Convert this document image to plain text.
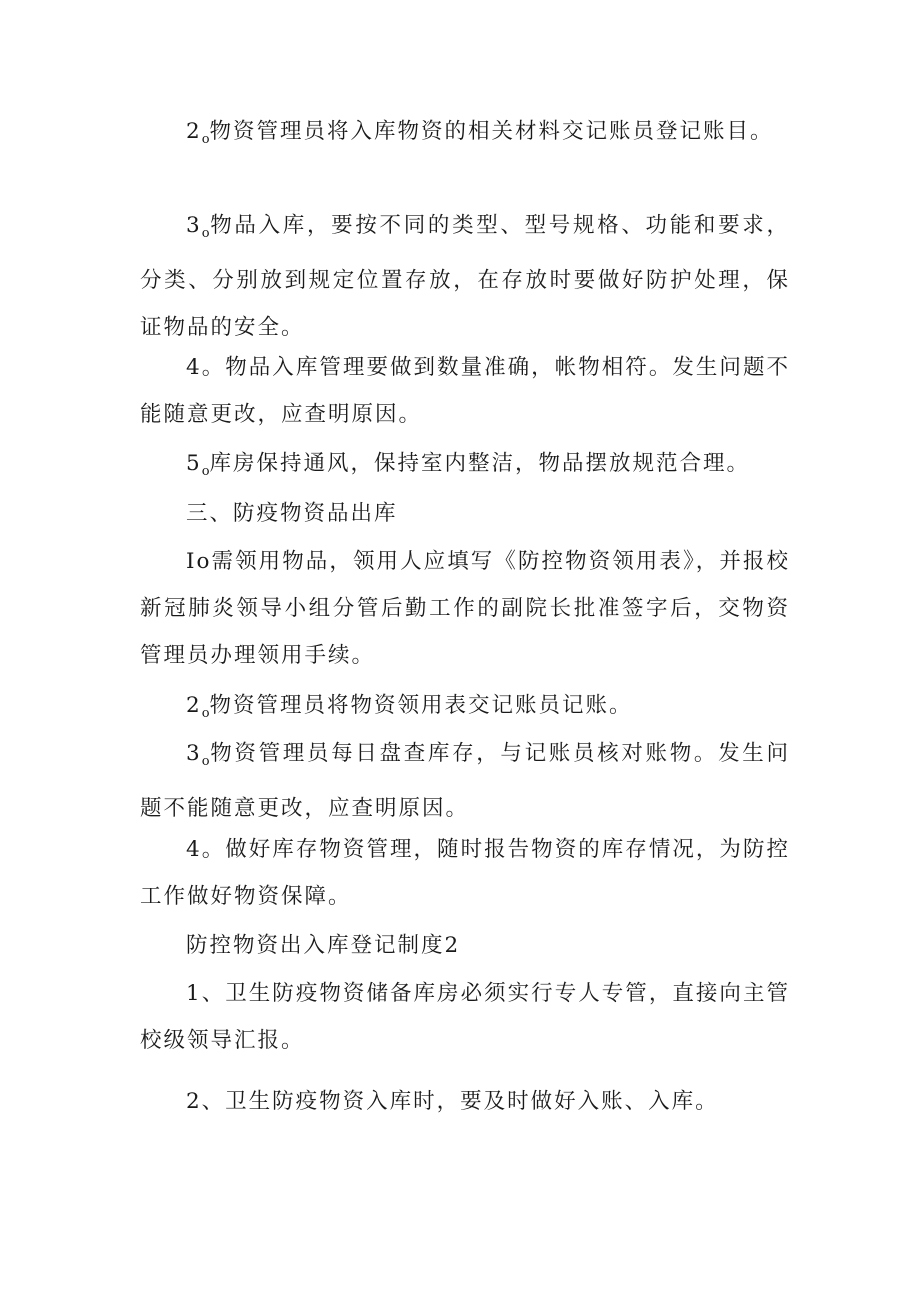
$2_o$物资管理员将入库物资的相关材料交记账员登记账目。

$3_o$物品入库，要按不同的类型、型号规格、功能和要求，分类、分别放到规定位置存放，在存放时要做好防护处理，保证物品的安全。

4。物品入库管理要做到数量准确，帐物相符。发生问题不能随意更改，应查明原因。

$5_o$库房保持通风，保持室内整洁，物品摆放规范合理。

三、防疫物资品出库

Io需领用物品，领用人应填写《防控物资领用表》，并报校新冠肺炎领导小组分管后勤工作的副院长批准签字后，交物资管理员办理领用手续。

$2_o$物资管理员将物资领用表交记账员记账。

$3_o$物资管理员每日盘查库存，与记账员核对账物。发生问题不能随意更改，应查明原因。

4。做好库存物资管理，随时报告物资的库存情况，为防控工作做好物资保障。

防控物资出入库登记制度2

1、卫生防疫物资储备库房必须实行专人专管，直接向主管校级领导汇报。

2、卫生防疫物资入库时，要及时做好入账、入库。
